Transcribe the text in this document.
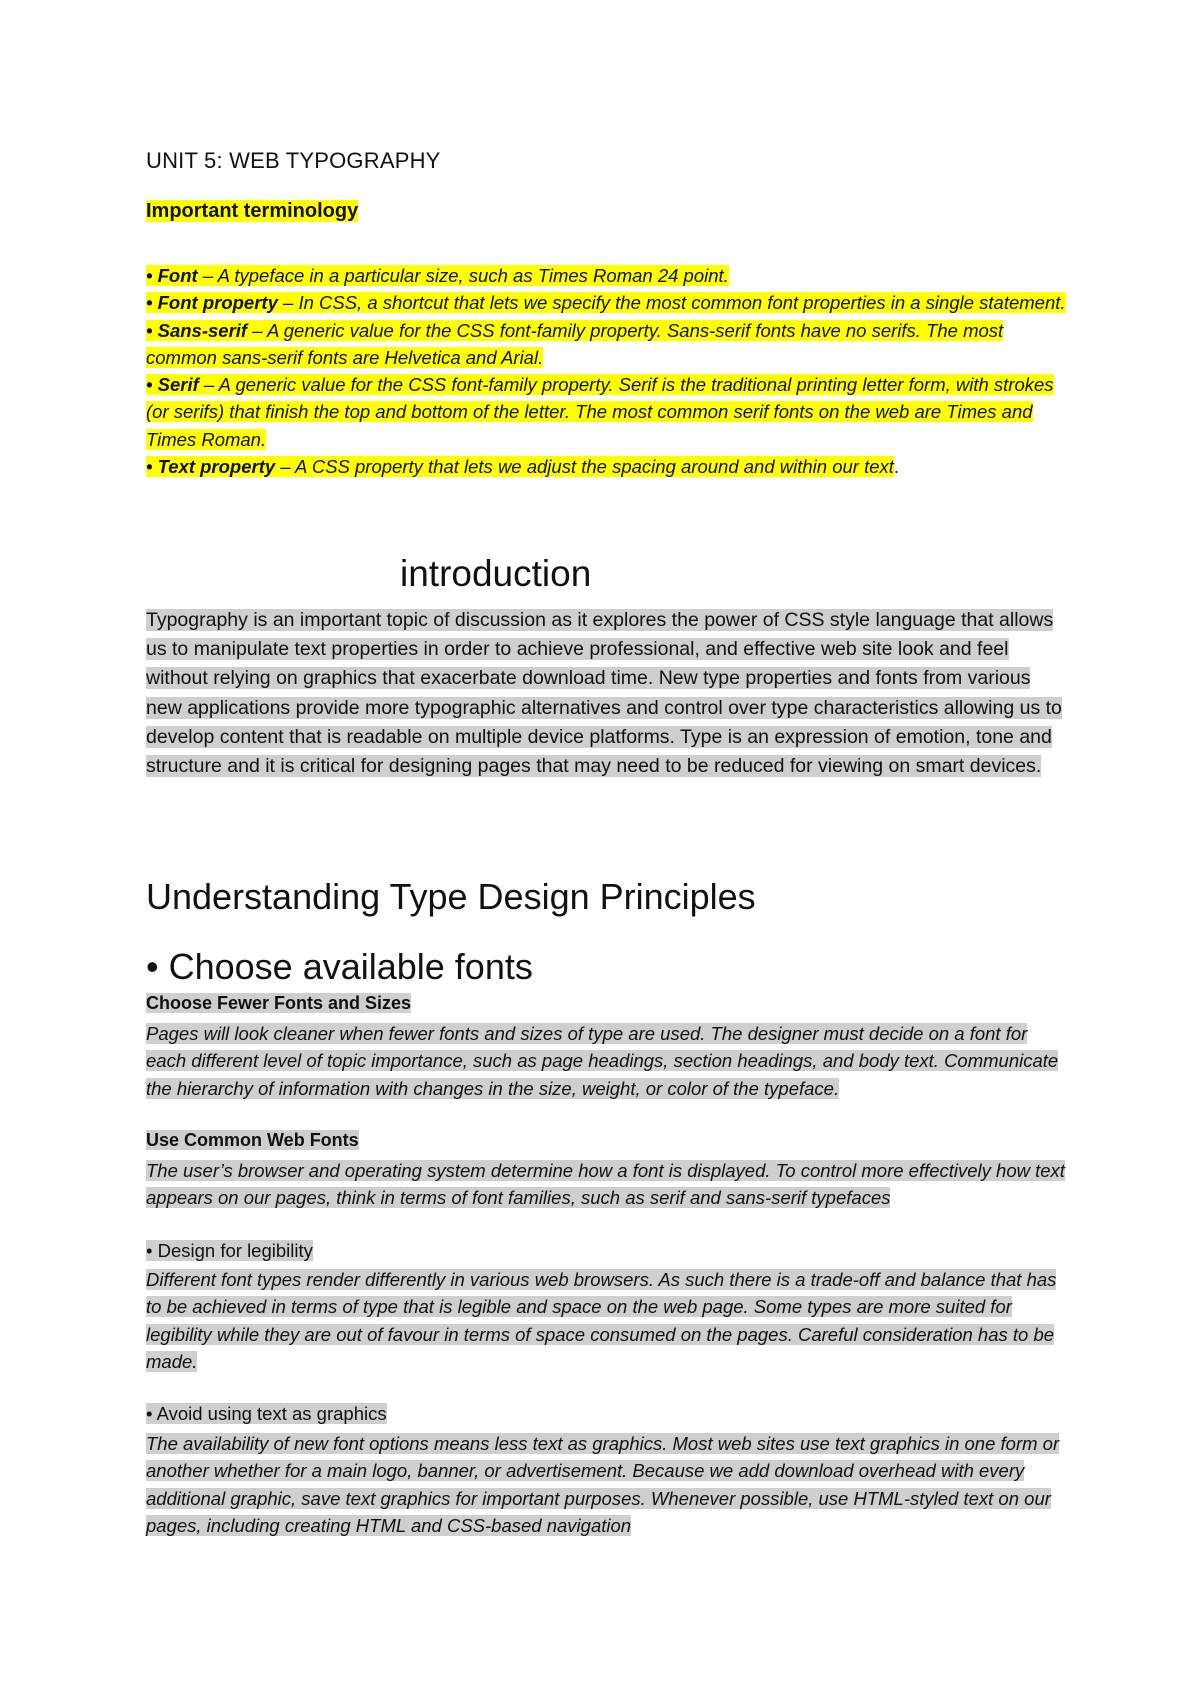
UNIT 5: WEB TYPOGRAPHY
Important terminology
• Font – A typeface in a particular size, such as Times Roman 24 point.
• Font property – In CSS, a shortcut that lets we specify the most common font properties in a single statement.
• Sans-serif – A generic value for the CSS font-family property. Sans-serif fonts have no serifs. The most common sans-serif fonts are Helvetica and Arial.
• Serif – A generic value for the CSS font-family property. Serif is the traditional printing letter form, with strokes (or serifs) that finish the top and bottom of the letter. The most common serif fonts on the web are Times and Times Roman.
• Text property – A CSS property that lets we adjust the spacing around and within our text.
introduction
Typography is an important topic of discussion as it explores the power of CSS style language that allows us to manipulate text properties in order to achieve professional, and effective web site look and feel without relying on graphics that exacerbate download time. New type properties and fonts from various new applications provide more typographic alternatives and control over type characteristics allowing us to develop content that is readable on multiple device platforms. Type is an expression of emotion, tone and structure and it is critical for designing pages that may need to be reduced for viewing on smart devices.
Understanding Type Design Principles
• Choose available fonts
Choose Fewer Fonts and Sizes
Pages will look cleaner when fewer fonts and sizes of type are used. The designer must decide on a font for each different level of topic importance, such as page headings, section headings, and body text. Communicate the hierarchy of information with changes in the size, weight, or color of the typeface.
Use Common Web Fonts
The user’s browser and operating system determine how a font is displayed. To control more effectively how text appears on our pages, think in terms of font families, such as serif and sans-serif typefaces
• Design for legibility
Different font types render differently in various web browsers. As such there is a trade-off and balance that has to be achieved in terms of type that is legible and space on the web page. Some types are more suited for legibility while they are out of favour in terms of space consumed on the pages. Careful consideration has to be made.
• Avoid using text as graphics
The availability of new font options means less text as graphics. Most web sites use text graphics in one form or another whether for a main logo, banner, or advertisement. Because we add download overhead with every additional graphic, save text graphics for important purposes. Whenever possible, use HTML-styled text on our pages, including creating HTML and CSS-based navigation
